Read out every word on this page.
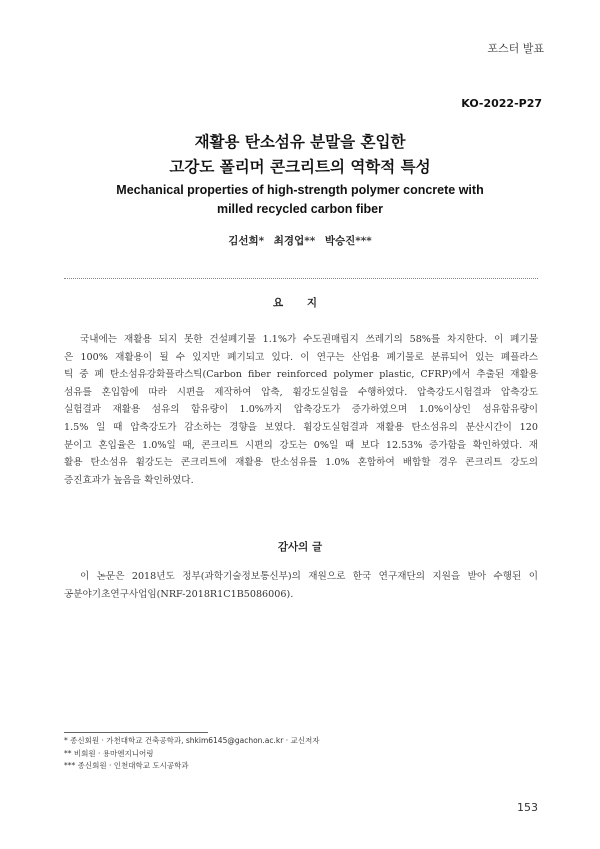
포스터 발표
KO-2022-P27
재활용 탄소섬유 분말을 혼입한
고강도 폴리머 콘크리트의 역학적 특성
Mechanical properties of high-strength polymer concrete with
milled recycled carbon fiber
김선희* 최경업** 박승진***
요 지
국내에는 재활용 되지 못한 건설폐기물 1.1%가 수도권매립지 쓰레기의 58%를 차지한다. 이 폐기물
은 100% 재활용이 될 수 있지만 폐기되고 있다. 이 연구는 산업용 폐기물로 분류되어 있는 폐플라스
틱 중 폐 탄소섬유강화플라스틱(Carbon fiber reinforced polymer plastic, CFRP)에서 추출된 재활용
섬유를 혼입함에 따라 시편을 제작하여 압축, 휨강도실험을 수행하였다. 압축강도시험결과 압축강도
실험결과 재활용 섬유의 함유량이 1.0%까지 압축강도가 증가하였으며 1.0%이상인 섬유함유량이
1.5% 일 때 압축강도가 감소하는 경향을 보였다. 휨강도실험결과 재활용 탄소섬유의 분산시간이 120
분이고 혼입율은 1.0%일 때, 콘크리트 시편의 강도는 0%일 때 보다 12.53% 증가함을 확인하였다. 재
활용 탄소섬유 휨강도는 콘크리트에 재활용 탄소섬유를 1.0% 혼합하여 배합할 경우 콘크리트 강도의
증진효과가 높음을 확인하였다.
감사의 글
이 논문은 2018년도 정부(과학기술정보통신부)의 재원으로 한국 연구재단의 지원을 받아 수행된 이
공분야기초연구사업임(NRF-2018R1C1B5086006).
* 종신회원 · 가천대학교 건축공학과, shkim6145@gachon.ac.kr · 교신저자
** 비회원 · 용마엔지니어링
*** 종신회원 · 인천대학교 도시공학과
153
